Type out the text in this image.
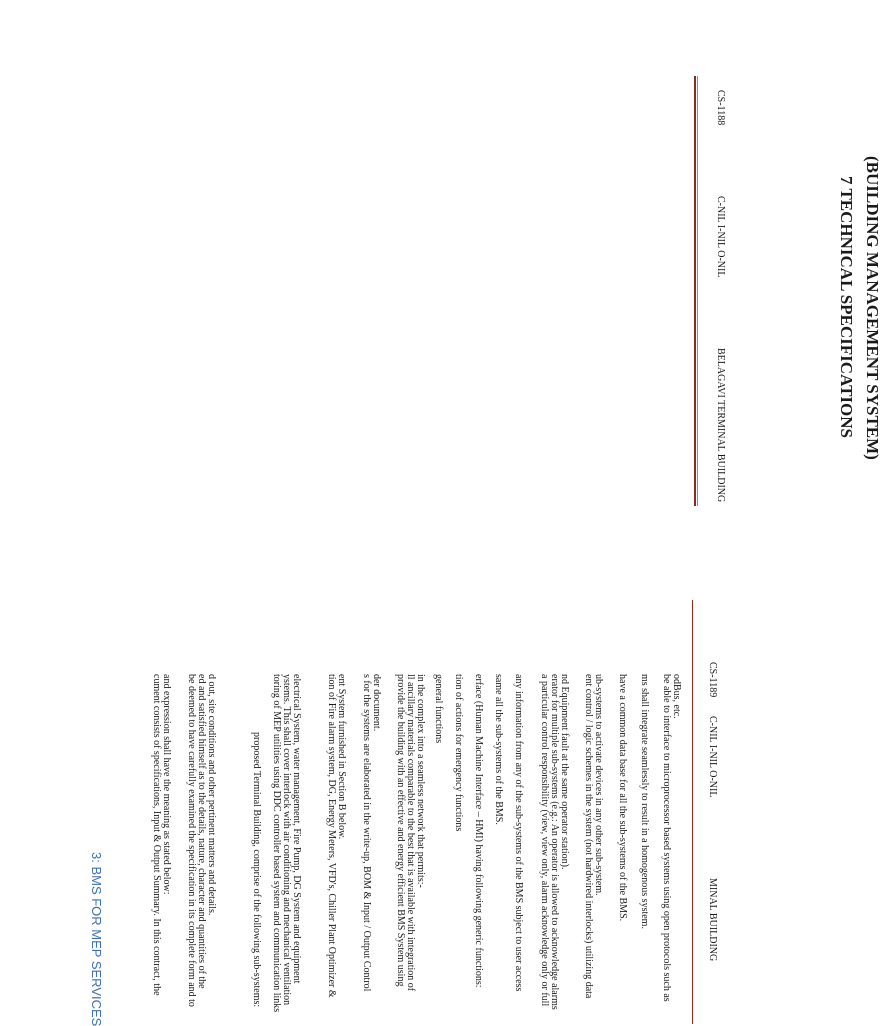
3: BMS FOR MEP SERVICES	cument consists of specifications, Input & Output Summary. In this contract, the and expression shall have the meaning as stated below: be deemed to have carefully examined the specification in its complete form and to ed and satisfied himself as to the details, nature, character and quantities of the d out, site conditions and other pertinent matters and details.	proposed Terminal Building, comprise of the following sub-systems: toring of MEP utilities using DDC controller based system and communication links ystems. This shall cover interlock with air conditioning and mechanical ventilation electrical System, water management, Fire Pump, DG System and equipment tion of Fire alarm system, DG, Energy Meters, VFD's, Chiller Plant Optimizer & ent System furnished in Section B below. s for the systems are elaborated in the write-up, BOM & Input / Output Control der document. provide the building with an effective and energy efficient BMS System using ll ancillary materials comparable to the best that is available with integration of in the complex into a seamless network that permits:- general functions tion of actions for emergency functions erface (Human Machine Interface – HMI) having following generic functions: same all the sub-systems of the BMS. any information from any of the sub-systems of the BMS subject to user access a particular control responsibility (view, view only, alarm acknowledge only or full erator for multiple sub-systems (e.g.: An operator is allowed to acknowledge alarms nd Equipment fault at the same operator station). ent control / logic schemes in the system (not hardwired interlocks) utilizing data ub-systems to activate devices in any other sub-system. have a common data base for all the sub-systems of the BMS. ms shall integrate seamlessly to result in a homogenous system. be able to interface to microprocessor based systems using open protocols such as odBus, etc.
MINAL BUILDING
C-NIL I-NIL O-NIL
CS-1189
BELAGAVI TERMINAL BUILDING
C-NIL I-NIL O-NIL
CS-1188
7 TECHNICAL SPECIFICATIONS (BUILDING MANAGEMENT SYSTEM)
